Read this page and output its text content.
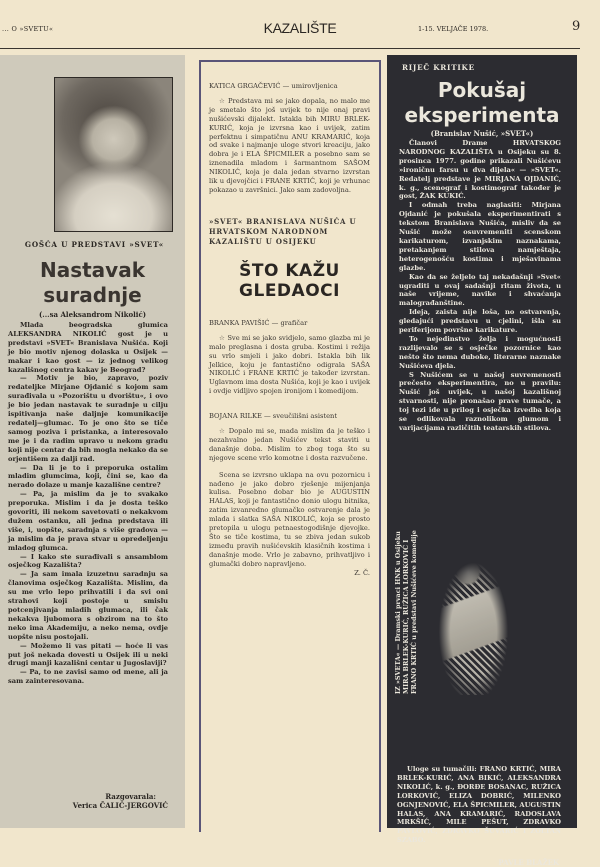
... O »SVETU«	KAZALIŠTE	1-15. VELJAČE 1978.	9
GOŠĆA U PREDSTAVI »SVET«
Nastavak suradnje
(...sa Aleksandrom Nikolić)

Mlada beogradska glumica ALEKSANDRA NIKOLIĆ gost je u predstavi »SVET« Branislava Nušića. Koji je bio motiv njenog dolaska u Osijek — makar i kao gost — iz jednog velikog kazališnog centra kakav je Beograd?

— Motiv je bio, zapravo, poziv redateljke Mirjane Ojdanić s kojom sam surađivala u »Pozorištu u dvorištu«, i ovo je bio jedan nastavak te suradnje u cilju ispitivanja naše daljnje komunikacije redatelj—glumac. To je ono što se tiče samog poziva i pristanka, a interesovalo me je i da radim upravo u nekom gradu koji nije centar da bih mogla nekako da se orjentišem za dalji rad.

— Da li je to i preporuka ostalim mladim glumcima, koji, čini se, kao da nerado dolaze u manje kazališne centre?

— Pa, ja mislim da je to svakako preporuka. Mislim i da je dosta teško govoriti, ili nekom savetovati o nekakvom dužem ostanku, ali jedna predstava ili više, i, uopšte, saradnja s više gradova — ja mislim da je prava stvar u opredeljenju mladog glumca.

— I kako ste surađivali s ansamblom osječkog Kazališta?

— Ja sam imala izuzetnu saradnju sa članovima osječkog Kazališta. Mislim, da su me vrlo lepo prihvatili i da svi oni strahovi koji postoje u smislu potcenjivanja mladih glumaca, ili čak nekakva ljubomora s obzirom na to što neko ima Akademiju, a neko nema, ovdje uopšte nisu postojali.

— Možemo li vas pitati — hoće li vas put još nekada dovesti u Osijek ili u neki drugi manji kazališni centar u Jugoslaviji?

— Pa, to ne zavisi samo od mene, ali ja sam zainteresovana.

Razgovarala:
Verica ČALIĆ-JERGOVIĆ
KATICA GRGAČEVIĆ — umirovljenica
☆ Predstava mi se jako dopala, no malo me je smetalo što još uvijek to nije onaj pravi nušićevski dijalekt. Istakla bih MIRU BRLEK-KURIĆ, koja je izvrsna kao i uvijek, zatim perfektnu i simpatičnu ANU KRAMARIĆ, koja od svake i najmanje uloge stvori kreaciju, jako dobra je i ELA ŠPICMILER a posebno sam se iznenadila mladom i šarmantnom SAŠOM NIKOLIĆ, koja je dala jedan stvarno izvrstan lik u djevojčici i FRANE KRTIĆ, koji je vrhunac pokazao u završnici. Jako sam zadovoljna.
»SVET« BRANISLAVA NUŠIĆA U HRVATSKOM NARODNOM KAZALIŠTU U OSIJEKU
ŠTO KAŽU GLEDAOCI
BRANKA PAVIŠIĆ — grafičar
☆ Sve mi se jako svidjelo, samo glazba mi je malo preglasna i dosta gruba. Kostimi i režija su vrlo smjeli i jako dobri. Istakla bih lik Jelkice, koju je fantastično odigrala SAŠA NIKOLIĆ i FRANE KRTIĆ je također izvrstan. Uglavnom ima dosta Nušića, koji je kao i uvijek i ovdje vidljivo spojen ironijom i komedijom.
BOJANA RILKE — sveučilišni asistent
☆ Dopalo mi se, mada mislim da je teško i nezahvalno jedan Nušićev tekst staviti u današnje doba. Mislim to zbog toga što su njegove scene vrlo komotne i dosta razvučene.
Scena se izvrsno uklapa na ovu pozornicu i nađeno je jako dobro rješenje mijenjanja kulisa. Posebno dobar bio je AUGUSTIN HALAS, koji je fantastično donio ulogu bitnika, zatim izvanredno glumačko ostvarenje dala je mlada i slatka SAŠA NIKOLIĆ, koja se prosto pretopila u ulogu petnaestogodišnje djevojke. Što se tiče kostima, tu se zbiva jedan sukob između pravih nušićevskih klasičnih kostima i današnje mode. Vrlo je zabavno, prihvatljivo i glumački dobro napravljeno.
Z. Č.
RIJEČ KRITIKE
Pokušaj eksperimenta
(Branislav Nušić, »SVET«)

Članovi Drame HRVATSKOG NARODNOG KAZALIŠTA u Osijeku su 8. prosinca 1977. godine prikazali Nušićevu »ironičnu farsu u dva dijela« — »SVET«. Redatelj predstave je MIRJANA OJDANIĆ, k. g., scenograf i kostimograf također je gost, ŽAK KUKIĆ.

I odmah treba naglasiti: Mirjana Ojdanić je pokušala eksperimentirati s tekstom Branislava Nušića, misliv da se Nušić može osuvremeniti scenskom karikaturom, izvanjskim naznakama, pretakanjem stilova namještaja, heterogenošću kostima i mješavinama glazbe.

Kao da se željelo taj nekadašnji »Svet« ugraditi u ovaj sadašnji ritam života, u naše vrijeme, navike i shvaćanja malograđanštine.

Ideja, zaista nije loša, no ostvarenja, gledajući predstavu u cjelini, išla su periferijom površne karikature.

To nejedinstvo želja i mogućnosti razlijevalo se s osječke pozornice kao nešto što nema duboke, literarne naznake Nušićeva djela.

S Nušićem se u našoj suvremenosti prečesto eksperimentira, no u pravilu: Nušić još uvijek, u našoj kazališnoj stvarnosti, nije pronašao prave tumače, a toj tezi ide u prilog i osječka izvedba koja se odlikovala raznolikom glumom i varijacijama različitih teatarskih stilova.

IZ »SVETA« — Dramski prvaci HNK u Osijeku MIRA BRLEK-KURIĆ, RUŽICA LORKOVIĆ I FRANO KRTIĆ u predstavi Nušićeve komedije

Uloge su tumačili: FRANO KRTIĆ, MIRA BRLEK-KURIĆ, ANA BIKIĆ, ALEKSANDRA NIKOLIĆ, k. g., ĐORĐE BOSANAC, RUŽICA LORKOVIĆ, ELIZA DOBRIĆ, MILENKO OGNJENOVIĆ, ELA ŠPICMILER, AUGUSTIN HALAS, ANA KRAMARIĆ, RADOSLAVA MRKŠIĆ, MILE PEŠUT, ZDRAVKO PAVLOVIĆ, ZDRAVKO ŠUVARIĆ i ZOLTAN SZABO.

PAVLE BLAŽEK
